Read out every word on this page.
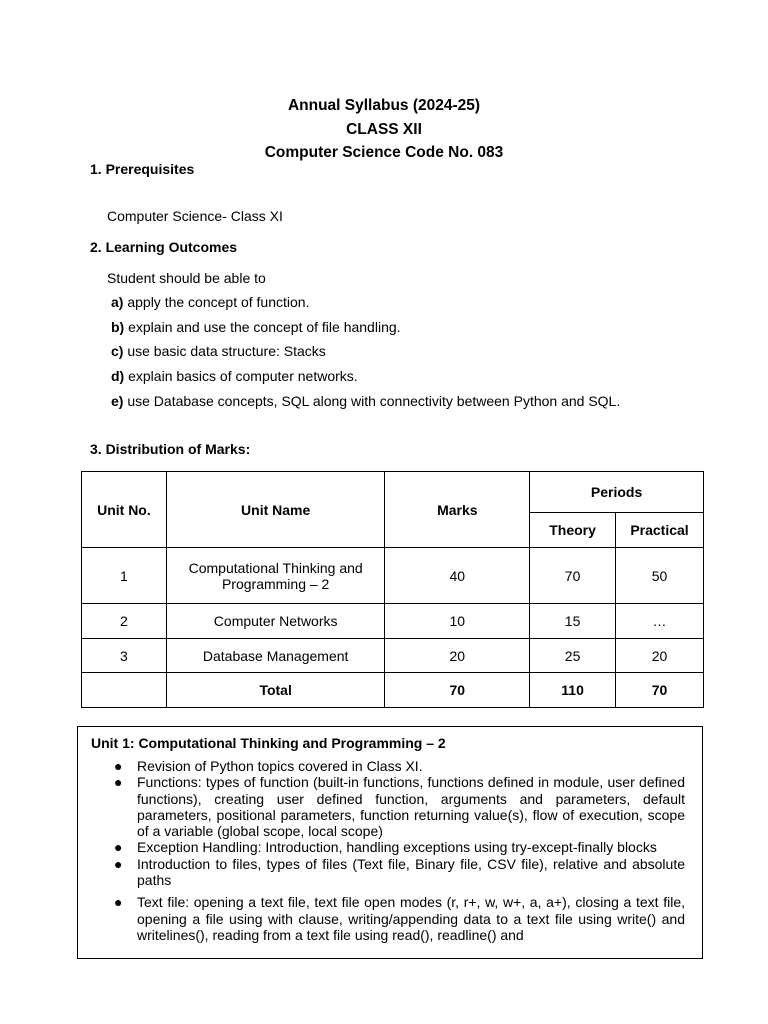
Annual Syllabus (2024-25)
CLASS XII
Computer Science Code No. 083
1. Prerequisites
Computer Science- Class XI
2. Learning Outcomes
Student should be able to
a) apply the concept of function.
b) explain and use the concept of file handling.
c) use basic data structure: Stacks
d) explain basics of computer networks.
e) use Database concepts, SQL along with connectivity between Python and SQL.
3. Distribution of Marks:
Unit No.	Unit Name	Marks	Periods	
			Theory	Practical
1	Computational Thinking and Programming – 2	40	70	50
2	Computer Networks	10	15	…
3	Database Management	20	25	20
	Total	70	110	70
Unit 1: Computational Thinking and Programming – 2
● Revision of Python topics covered in Class XI.
● Functions: types of function (built-in functions, functions defined in module, user defined functions), creating user defined function, arguments and parameters, default parameters, positional parameters, function returning value(s), flow of execution, scope of a variable (global scope, local scope)
● Exception Handling: Introduction, handling exceptions using try-except-finally blocks
● Introduction to files, types of files (Text file, Binary file, CSV file), relative and absolute paths
● Text file: opening a text file, text file open modes (r, r+, w, w+, a, a+), closing a text file, opening a file using with clause, writing/appending data to a text file using write() and writelines(), reading from a text file using read(), readline() and
